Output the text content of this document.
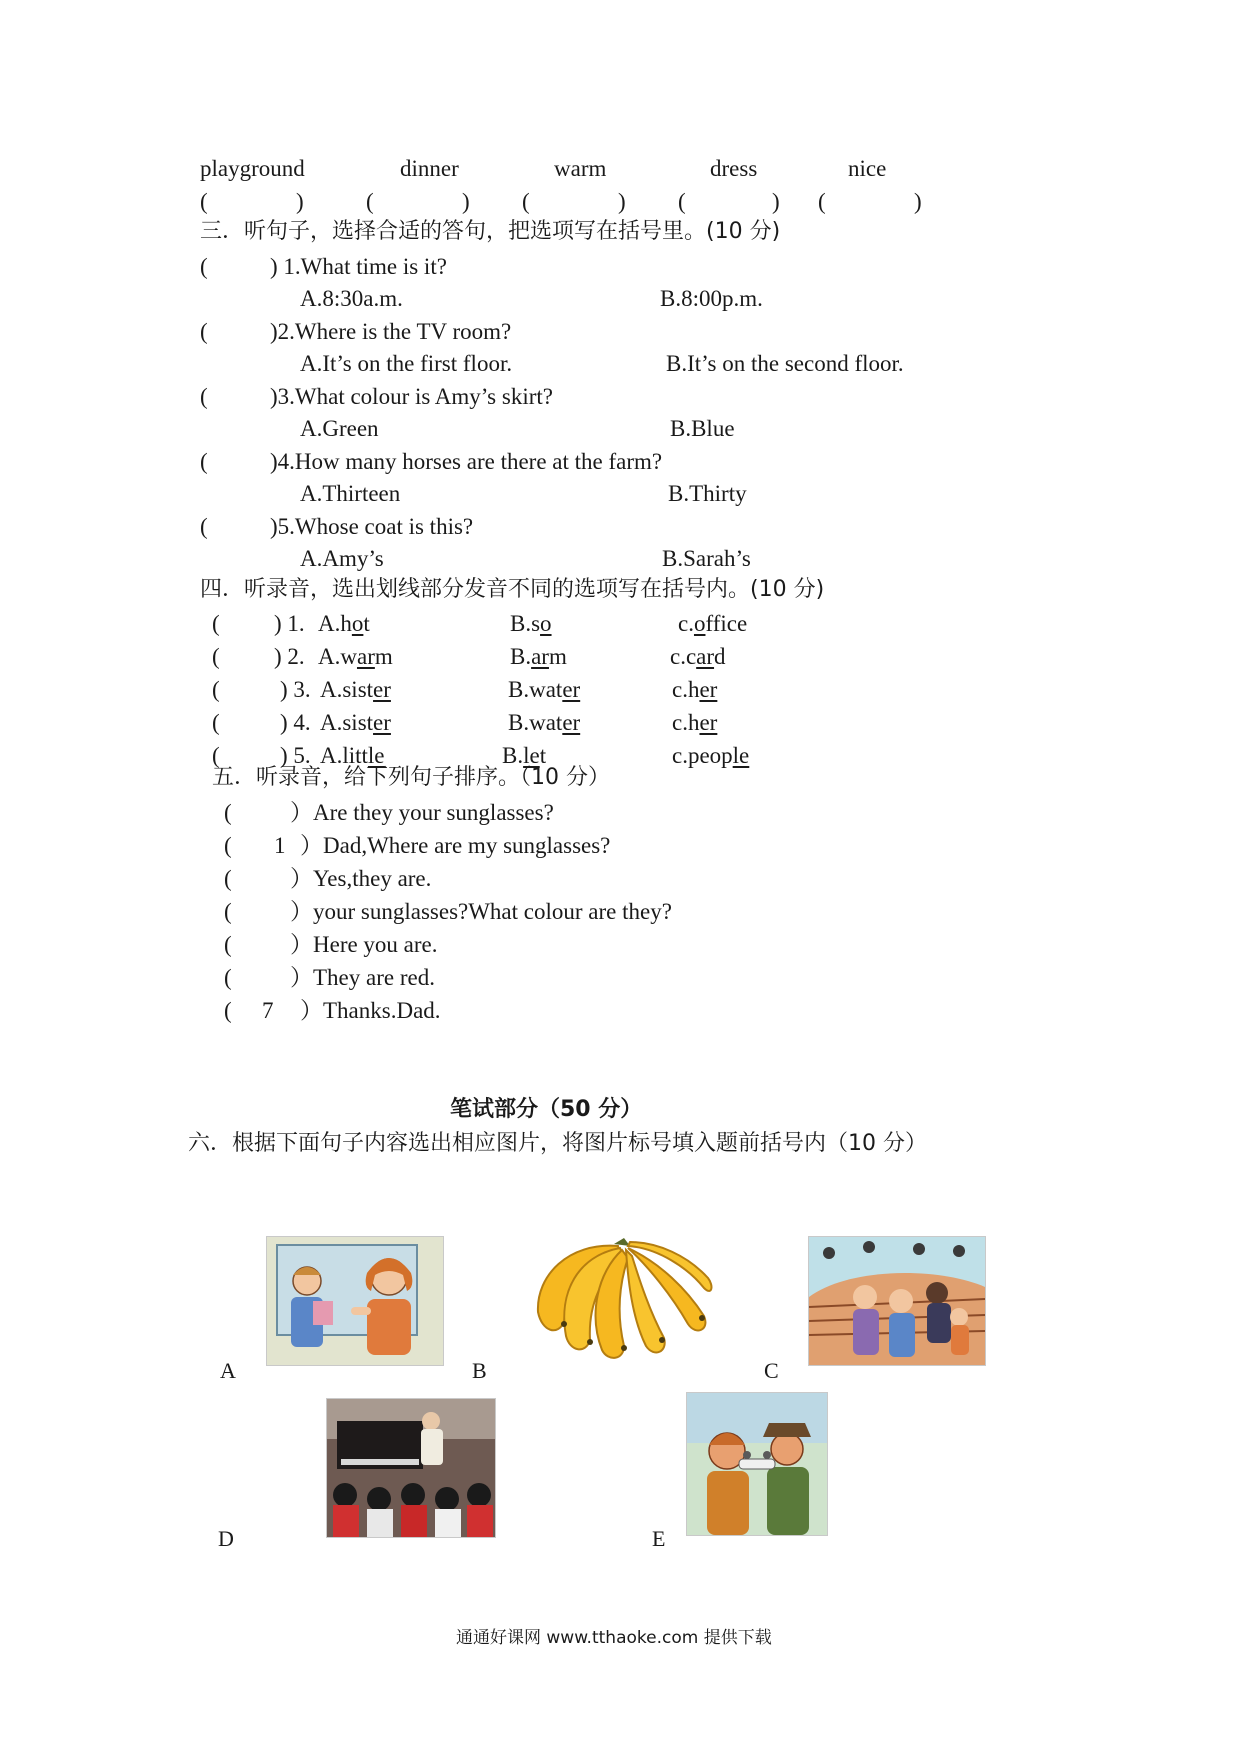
playground	dinner	warm	dress	nice
(	)	(	) (	) (	) (	)
三．听句子，选择合适的答句，把选项写在括号里。(10 分)
(	) 1.What time is it?
A.8:30a.m.	B.8:00p.m.
(	)2.Where is the TV room?
A.It’s on the first floor.	B.It’s on the second floor.
(	)3.What colour is Amy’s skirt?
A.Green	B.Blue
(	)4.How many horses are there at the farm?
A.Thirteen	B.Thirty
(	)5.Whose coat is this?
A.Amy’s	B.Sarah’s
四．听录音，选出划线部分发音不同的选项写在括号内。(10 分)
( ) 1. A.hot	B.so	c.office
( ) 2. A.warm	B.arm	c.card
(	) 3. A.sister	B.water	c.her
(	) 4. A.sister	B.water	c.her
(	) 5. A.little	B.let	c.people
五．听录音，给下列句子排序。（10 分）
(	）Are they your sunglasses?
( 1 ）Dad,Where are my sunglasses?
(	）Yes,they are.
(	）your sunglasses?What colour are they?
(	）Here you are.
(	）They are red.
( 7 ）Thanks.Dad.
笔试部分（50 分）
六．根据下面句子内容选出相应图片，将图片标号填入题前括号内（10 分）
A	B	C
D	E
通通好课网 www.tthaoke.com 提供下载
